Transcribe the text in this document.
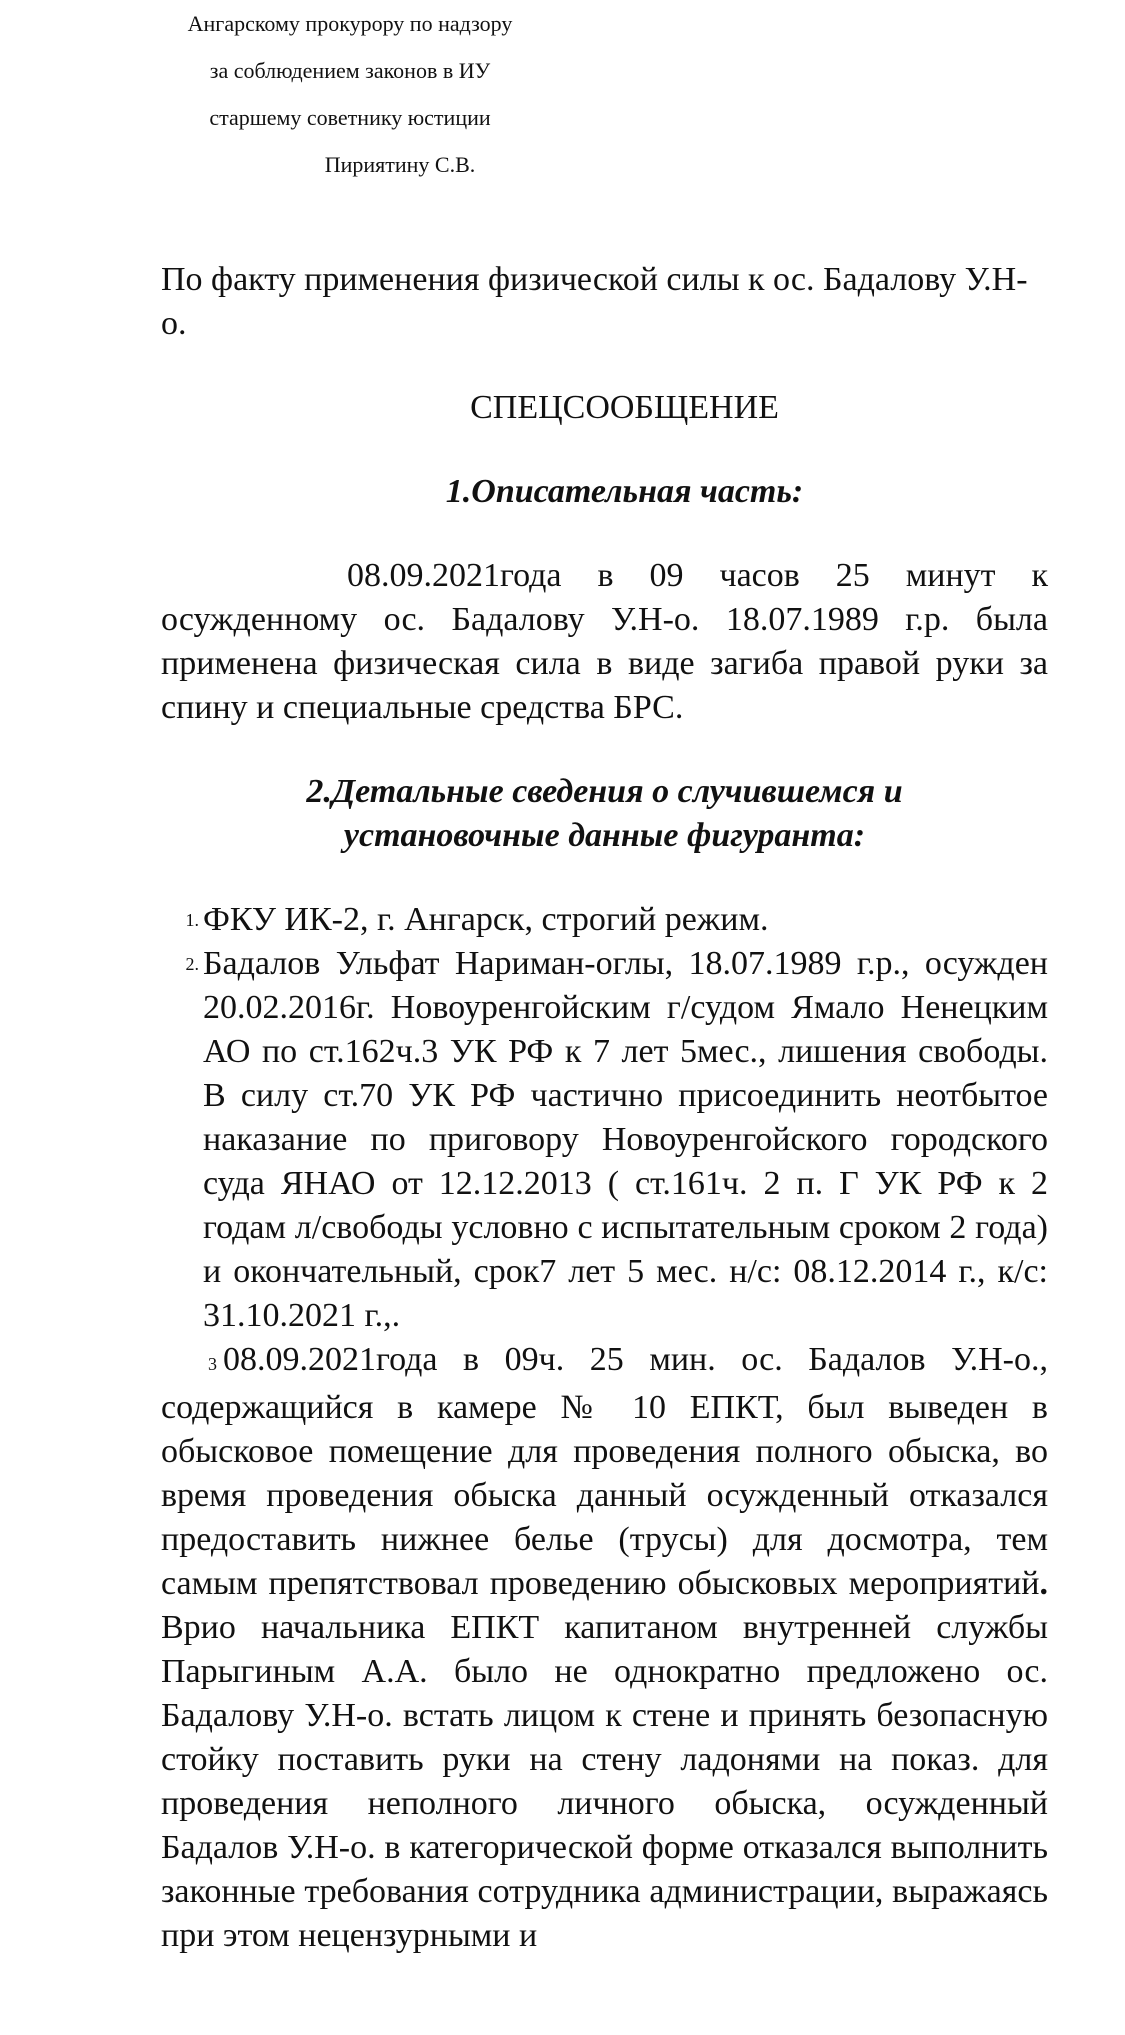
Ангарскому прокурору по надзору
за соблюдением законов в ИУ
старшему советнику юстиции
Пириятину С.В.

По факту применения физической силы к ос. Бадалову У.Н-о.

СПЕЦСООБЩЕНИЕ
1.Описательная часть:

08.09.2021года в 09 часов 25 минут к осужденному ос. Бадалову У.Н-о. 18.07.1989 г.р. была применена физическая сила в виде загиба правой руки за спину и специальные средства БРС.

2.Детальные сведения о случившемся и
установочные данные фигуранта:
1. ФКУ ИК-2, г. Ангарск, строгий режим.
2. Бадалов Ульфат Нариман-оглы, 18.07.1989 г.р., осужден 20.02.2016г. Новоуренгойским г/судом Ямало Ненецким АО по ст.162ч.3 УК РФ к 7 лет 5мес., лишения свободы. В силу ст.70 УК РФ частично присоединить неотбытое наказание по приговору Новоуренгойского городского суда ЯНАО от 12.12.2013 ( ст.161ч. 2 п. Г УК РФ к 2 годам л/свободы условно с испытательным сроком 2 года) и окончательный, срок7 лет 5 мес. н/с: 08.12.2014 г., к/с: 31.10.2021 г.,.

3 08.09.2021года в 09ч. 25 мин. ос. Бадалов У.Н-о., содержащийся в камере № 10 ЕПКТ, был выведен в обысковое помещение для проведения полного обыска, во время проведения обыска данный осужденный отказался предоставить нижнее белье (трусы) для досмотра, тем самым препятствовал проведению обысковых мероприятий. Врио начальника ЕПКТ капитаном внутренней службы Парыгиным А.А. было не однократно предложено ос. Бадалову У.Н-о. встать лицом к стене и принять безопасную стойку поставить руки на стену ладонями на показ. для проведения неполного личного обыска, осужденный Бадалов У.Н-о. в категорической форме отказался выполнить законные требования сотрудника администрации, выражаясь при этом нецензурными и
